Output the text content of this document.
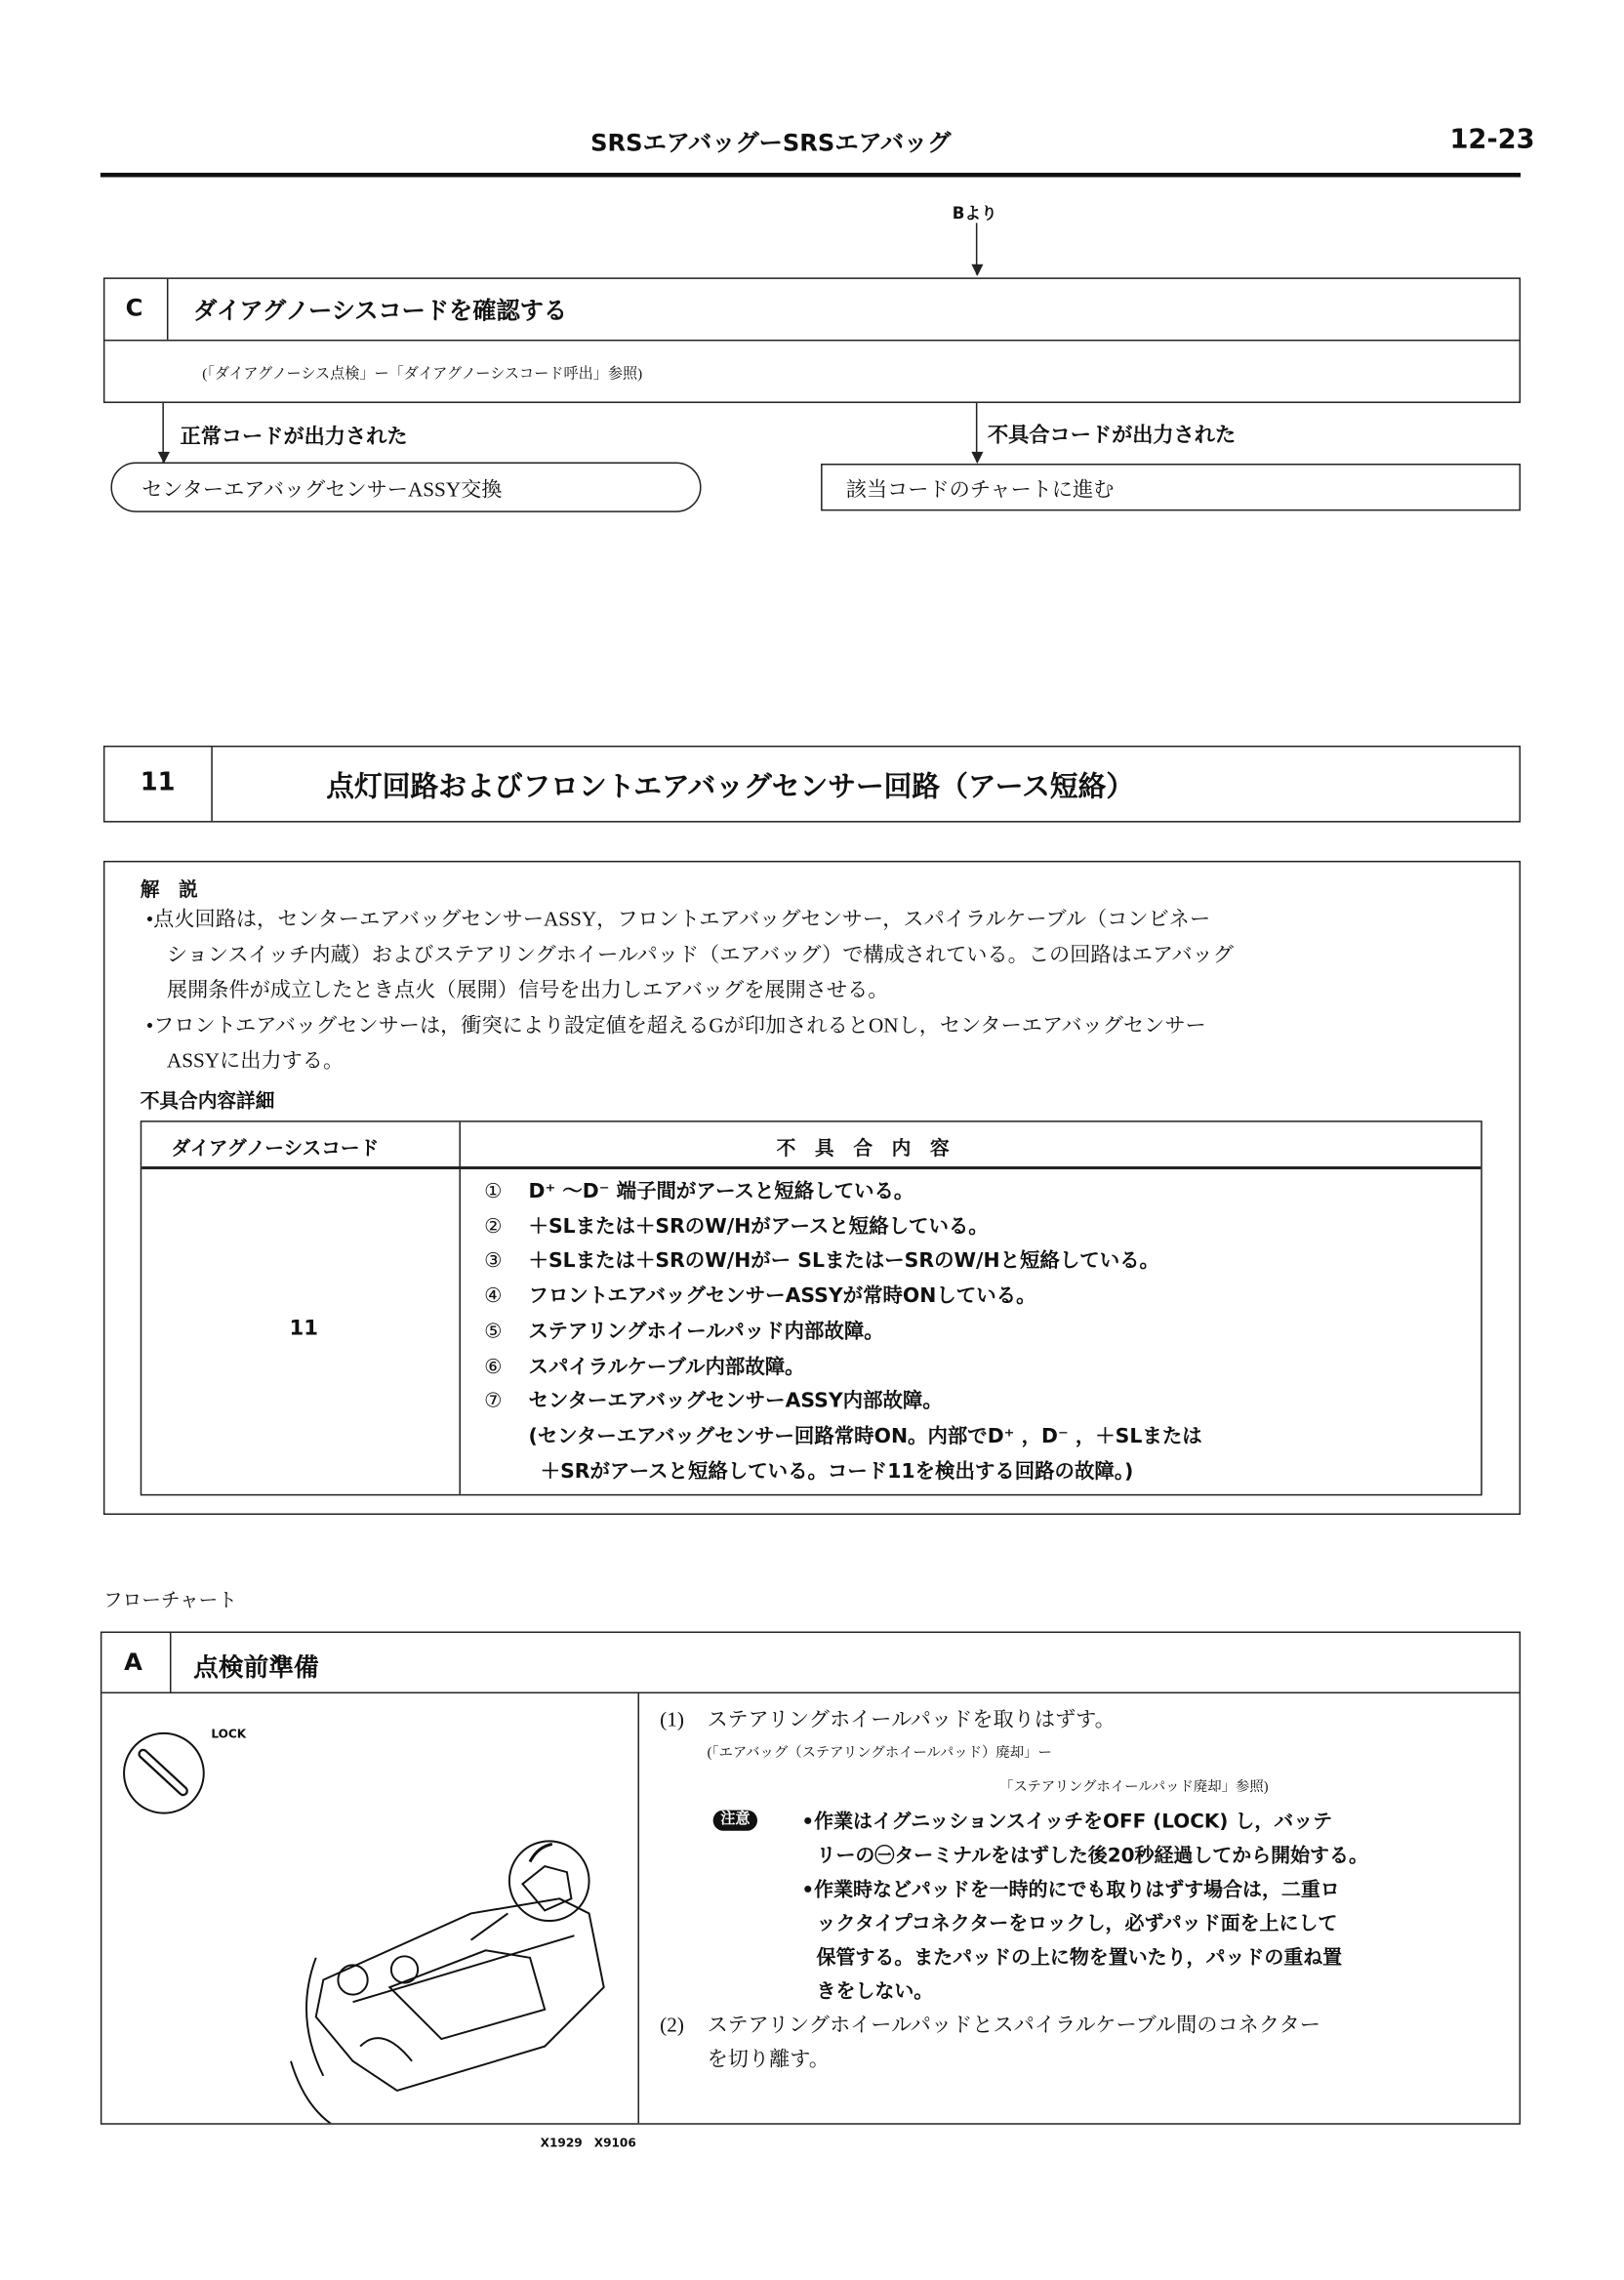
SRSエアバッグーSRSエアバッグ	12-23
Bより
C	ダイアグノーシスコードを確認する
(「ダイアグノーシス点検」ー「ダイアグノーシスコード呼出」参照)
正常コードが出力された	不具合コードが出力された
センターエアバッグセンサーASSY交換	該当コードのチャートに進む
11	点灯回路およびフロントエアバッグセンサー回路（アース短絡）
解　説
•点火回路は，センターエアバッグセンサーASSY，フロントエアバッグセンサー，スパイラルケーブル（コンビネー
ションスイッチ内蔵）およびステアリングホイールパッド（エアバッグ）で構成されている。この回路はエアバッグ
展開条件が成立したとき点火（展開）信号を出力しエアバッグを展開させる。
•フロントエアバッグセンサーは，衝突により設定値を超えるGが印加されるとONし，センターエアバッグセンサー
ASSYに出力する。
不具合内容詳細
ダイアグノーシスコード	不　具　合　内　容
11
① D⁺ ～D⁻ 端子間がアースと短絡している。
② ＋SLまたは＋SRのW/Hがアースと短絡している。
③ ＋SLまたは＋SRのW/Hがー SLまたはーSRのW/Hと短絡している。
④ フロントエアバッグセンサーASSYが常時ONしている。
⑤ ステアリングホイールパッド内部故障。
⑥ スパイラルケーブル内部故障。
⑦ センターエアバッグセンサーASSY内部故障。
(センターエアバッグセンサー回路常時ON。内部でD⁺ ，D⁻ ，＋SLまたは
＋SRがアースと短絡している。コード11を検出する回路の故障。)
フローチャート
A	点検前準備
LOCK
(1) ステアリングホイールパッドを取りはずす。
(「エアバッグ（ステアリングホイールパッド）廃却」ー
「ステアリングホイールパッド廃却」参照)
注意	•作業はイグニッションスイッチをOFF (LOCK) し，バッテ
リーの㊀ターミナルをはずした後20秒経過してから開始する。
•作業時などパッドを一時的にでも取りはずす場合は，二重ロ
ックタイプコネクターをロックし，必ずパッド面を上にして
保管する。またパッドの上に物を置いたり，パッドの重ね置
きをしない。
(2) ステアリングホイールパッドとスパイラルケーブル間のコネクター
を切り離す。
X1929　X9106
